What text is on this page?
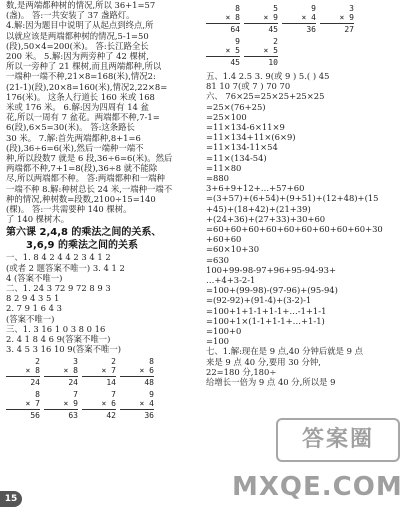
数,是两端都种树的情况,所以 36+1=57
(盏)。 答:一共安装了 37 盏路灯。
4.解:因为题目中说明了从起点到终点,所
以就应该是两端都种树的情况,5-1=50
(段),50×4=200(米)。 答:长江路全长
200 米。 5.解:因为两旁种了 42 棵树,
所以一旁种了 21 棵树,而且两端都种,所以
一端种一端不种,21×8=168(米),情况2:
(21-1)(段),20×8=160(米),情况2,22×8=
176(米)。 这条人行道长 160 米或 168
米或 176 米。 6.解:因为四周有 14 盆
花,所以一周有 7 盆花。两端都不种,7-1=
6(段),6×5=30(米)。 答:这条路长
30 米。 7.解:首先两端都种,8+1=6
(段),36÷6=6(米),然后一端种一端不
种,所以段数7 就是 6 段,36÷6=6(米)。然后
两端都不种,7+1=8(段),36÷8 就不能除
尽,所以两端都不种。 答:两端都种和一端种
一端不种 8.解:种树总长 24 米,一端种一端不
种的情况,种树数=段数,2100÷15=140
(棵)。 答:一共需要种 140 棵树。
了 140 棵树木。
第六课 2,4,8 的乘法之间的关系、
3,6,9 的乘法之间的关系
一、1. 8 4 2 4 4 2 3 4 1 2
(或者 2 题答案不唯一) 3. 4 1 2
4 (答案不唯一)
二、1. 24 3 72 9 72 8 9 3
8 2 9 4 3 5 1
2. 7 9 1 6 4 3
(答案不唯一)
三、1. 3 16 1 0 3 8 0 16
2. 4 1 8 4 6 9(答案不唯一)
3. 4 5 3 16 10 9(答案不唯一)
2
× 8
24
3
× 8
24
2
× 7
14
8
× 6
48
8
× 7
56
7
× 9
63
7
× 6
42
9
× 4
36
8
× 8
64
5
× 9
45
9
× 4
36
3
× 9
27
9
× 5
45
2
× 5
10
五、1.4 2.5 3. 9(或 9 ) 5.( ) 45
81 10 7(或 7 ) 70 70
六、 76×25=25×25+25×25
=25×(76+25)
=25×100
=11×134-6×11×9
=11×134+11×(6×9)
=11×134-11×54
=11×(134-54)
=11×80
=880
3+6+9+12+…+57+60
=(3+57)+(6+54)+(9+51)+(12+48)+(15
+45)+(18+42)+(21+39)
+(24+36)+(27+33)+30+60
=60+60+60+60+60+60+60+60+60+30
+60+60
=60×10+30
=630
100+99-98-97+96+95-94-93+
…+4+3-2-1
=100+(99-98)-(97-96)+(95-94)
=(92-92)+(91-4)+(3-2)-1
=100+1+1-1+1-1+…-1+1-1
=100+1×(1-1+1-1+…+1-1)
=100+0
=100
七、1.解:现在是 9 点,40 分钟后就是 9 点
来是 9 点 40 分,要用 30 分钟,
22=180 分,180÷
给增长一倍为 9 点 40 分,所以是 9
15
答案圈
MXQE.COM
